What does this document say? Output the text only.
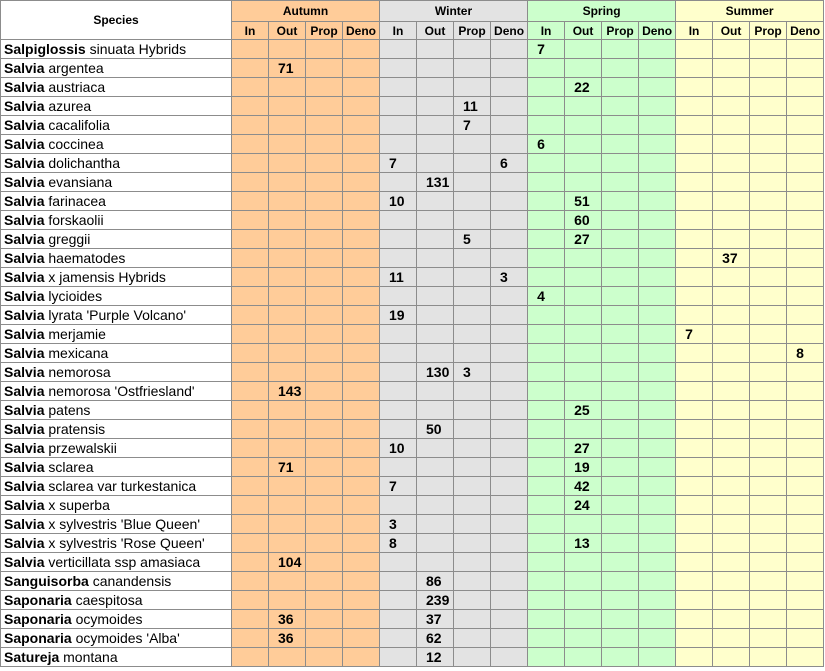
Species	Autumn				Winter				Spring				Summer			
	In	Out	Prop	Deno	In	Out	Prop	Deno	In	Out	Prop	Deno	In	Out	Prop	Deno
Salpiglossis sinuata Hybrids									7							
Salvia argentea		71														
Salvia austriaca										22						
Salvia azurea							11									
Salvia cacalifolia							7									
Salvia coccinea									6							
Salvia dolichantha					7			6								
Salvia evansiana						131										
Salvia farinacea					10					51						
Salvia forskaolii										60						
Salvia greggii							5			27						
Salvia haematodes														37		
Salvia x jamensis Hybrids					11			3								
Salvia lycioides									4							
Salvia lyrata 'Purple Volcano'					19											
Salvia merjamie													7			
Salvia mexicana																8
Salvia nemorosa						130	3									
Salvia nemorosa 'Ostfriesland'		143														
Salvia patens										25						
Salvia pratensis						50										
Salvia przewalskii					10					27						
Salvia sclarea		71								19						
Salvia sclarea var turkestanica					7					42						
Salvia x superba										24						
Salvia x sylvestris 'Blue Queen'					3											
Salvia x sylvestris 'Rose Queen'					8					13						
Salvia verticillata ssp amasiaca		104														
Sanguisorba canandensis						86										
Saponaria caespitosa						239										
Saponaria ocymoides		36				37										
Saponaria ocymoides 'Alba'		36				62										
Satureja montana						12										
